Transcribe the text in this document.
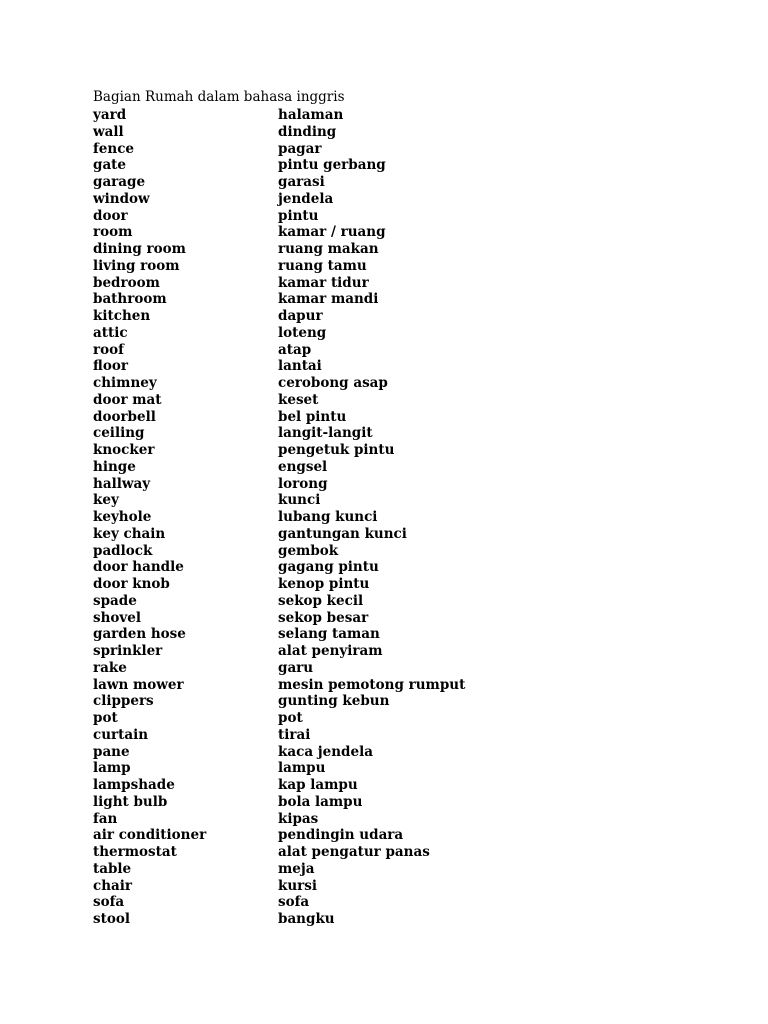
Bagian Rumah dalam bahasa inggris
yard	halaman
wall	dinding
fence	pagar
gate	pintu gerbang
garage	garasi
window	jendela
door	pintu
room	kamar / ruang
dining room	ruang makan
living room	ruang tamu
bedroom	kamar tidur
bathroom	kamar mandi
kitchen	dapur
attic	loteng
roof	atap
floor	lantai
chimney	cerobong asap
door mat	keset
doorbell	bel pintu
ceiling	langit-langit
knocker	pengetuk pintu
hinge	engsel
hallway	lorong
key	kunci
keyhole	lubang kunci
key chain	gantungan kunci
padlock	gembok
door handle	gagang pintu
door knob	kenop pintu
spade	sekop kecil
shovel	sekop besar
garden hose	selang taman
sprinkler	alat penyiram
rake	garu
lawn mower	mesin pemotong rumput
clippers	gunting kebun
pot	pot
curtain	tirai
pane	kaca jendela
lamp	lampu
lampshade	kap lampu
light bulb	bola lampu
fan	kipas
air conditioner	pendingin udara
thermostat	alat pengatur panas
table	meja
chair	kursi
sofa	sofa
stool	bangku
